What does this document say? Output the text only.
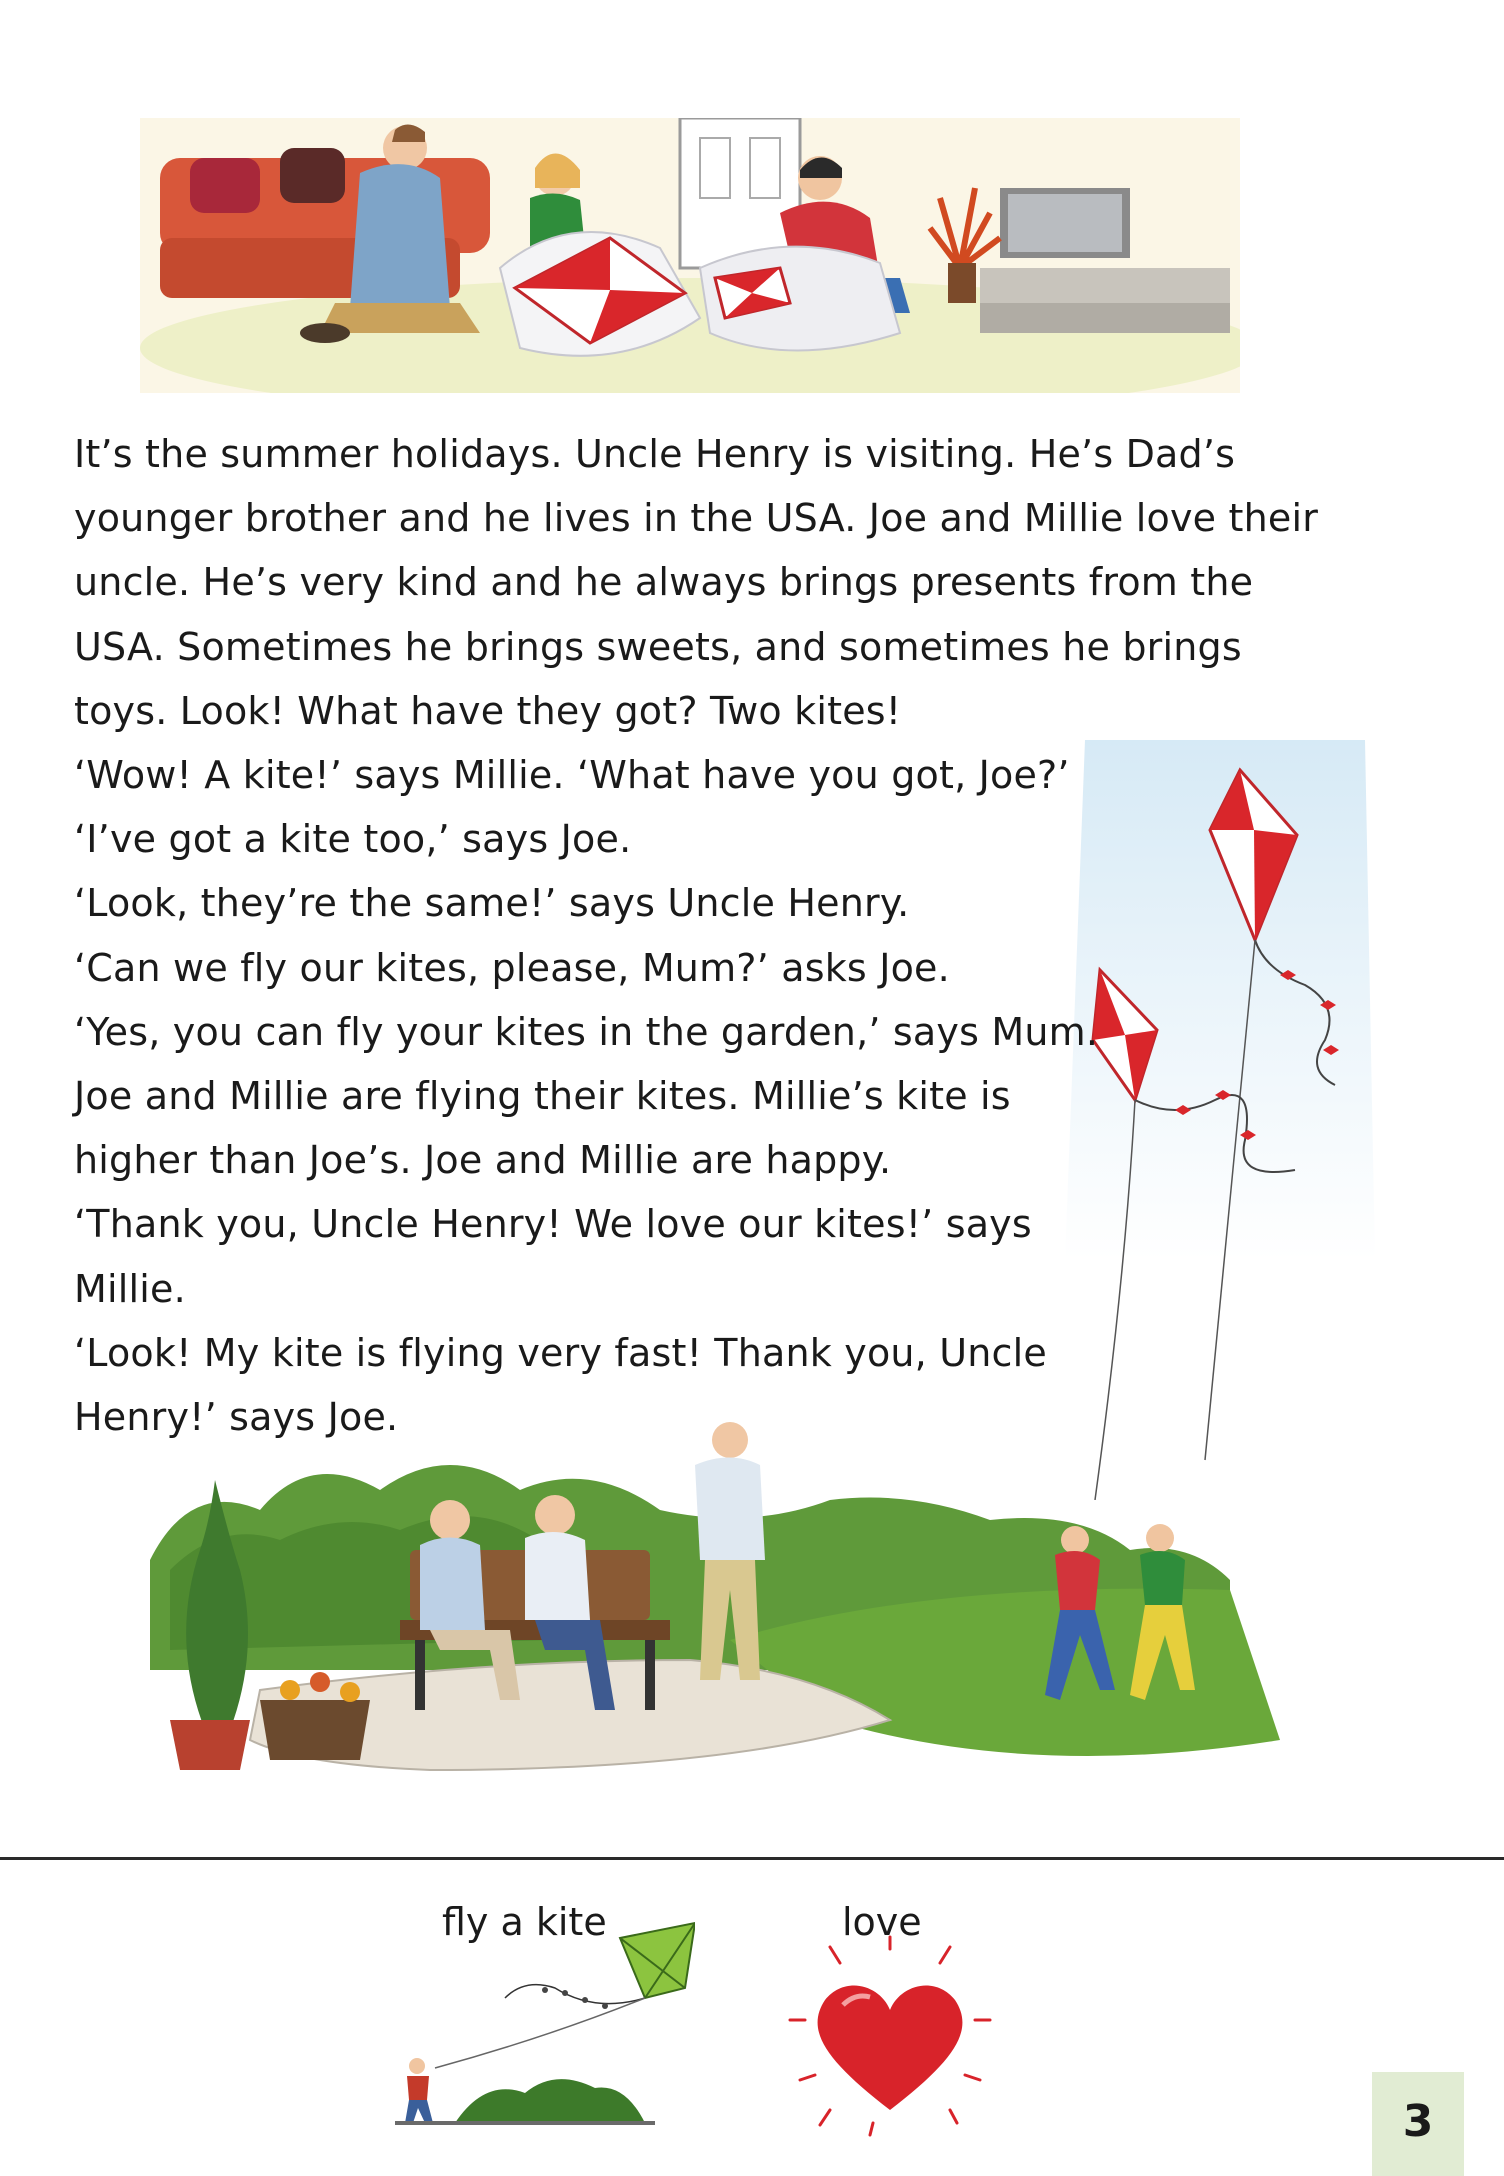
It’s the summer holidays. Uncle Henry is visiting. He’s Dad’s

younger brother and he lives in the USA. Joe and Millie love their

uncle. He’s very kind and he always brings presents from the

USA. Sometimes he brings sweets, and sometimes he brings

toys. Look! What have they got? Two kites!

‘Wow! A kite!’ says Millie. ‘What have you got, Joe?’

‘I’ve got a kite too,’ says Joe.

‘Look, they’re the same!’ says Uncle Henry.

‘Can we fly our kites, please, Mum?’ asks Joe.

‘Yes, you can fly your kites in the garden,’ says Mum.

Joe and Millie are flying their kites. Millie’s kite is

higher than Joe’s. Joe and Millie are happy.

‘Thank you, Uncle Henry! We love our kites!’ says

Millie.

‘Look! My kite is flying very fast! Thank you, Uncle

Henry!’ says Joe.

fly a kite	love
3
